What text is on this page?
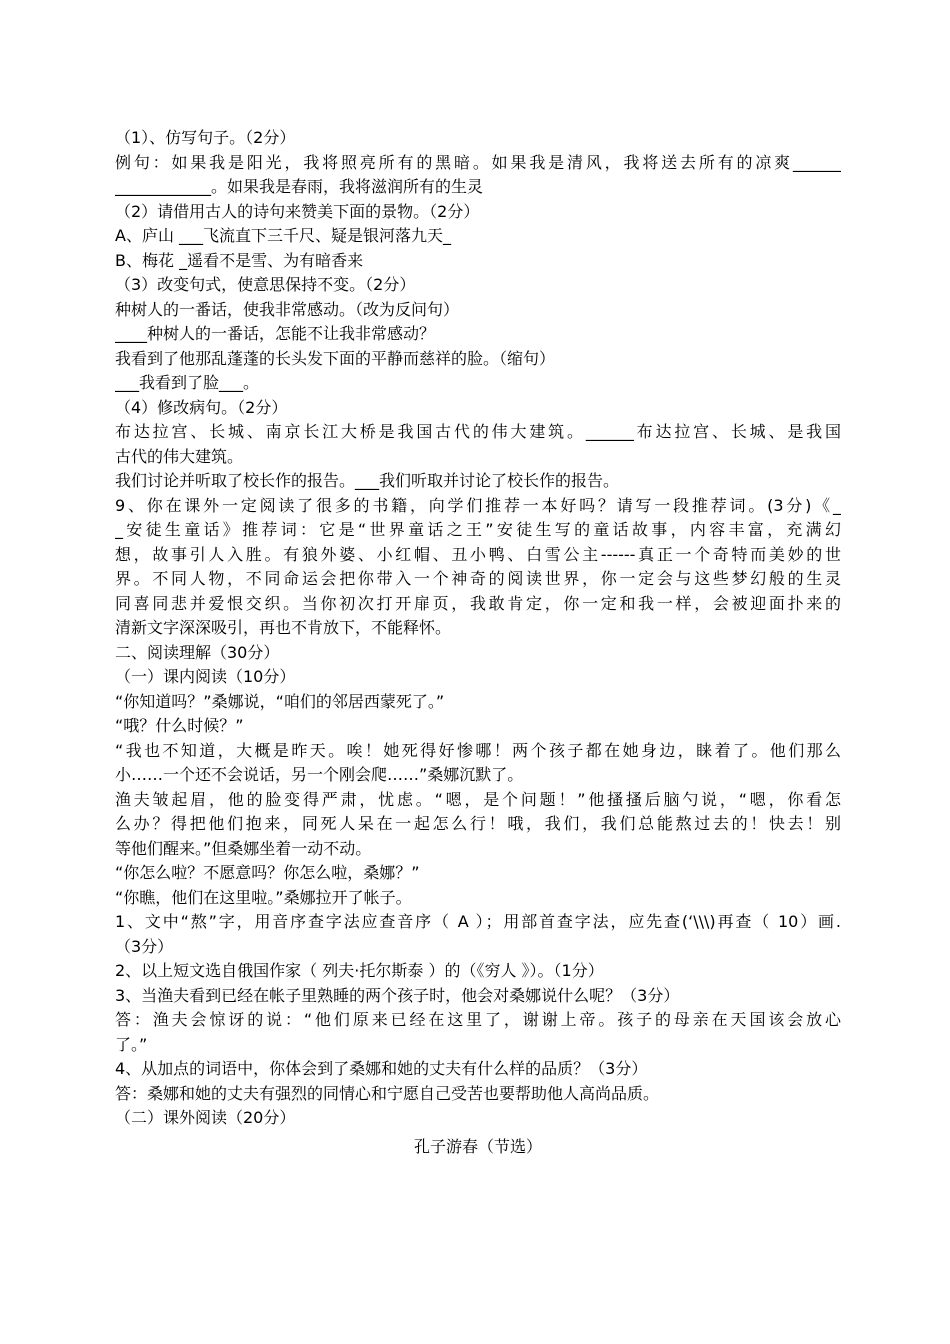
（1）、仿写句子。（2分）
例句：如果我是阳光，我将照亮所有的黑暗。如果我是清风，我将送去所有的凉爽______
____________。如果我是春雨，我将滋润所有的生灵
（2）请借用古人的诗句来赞美下面的景物。（2分）
A、庐山 ___飞流直下三千尺、疑是银河落九天_
B、梅花 _遥看不是雪、为有暗香来
（3）改变句式，使意思保持不变。（2分）
种树人的一番话，使我非常感动。（改为反问句）
____种树人的一番话，怎能不让我非常感动？
我看到了他那乱蓬蓬的长头发下面的平静而慈祥的脸。（缩句）
___我看到了脸___。
（4）修改病句。（2分）
布达拉宫、长城、南京长江大桥是我国古代的伟大建筑。______布达拉宫、长城、是我国
古代的伟大建筑。
我们讨论并听取了校长作的报告。___我们听取并讨论了校长作的报告。
9、你在课外一定阅读了很多的书籍，向学们推荐一本好吗？请写一段推荐词。(3分)《_
_安徒生童话》推荐词：它是“世界童话之王”安徒生写的童话故事，内容丰富，充满幻
想，故事引人入胜。有狼外婆、小红帽、丑小鸭、白雪公主------真正一个奇特而美妙的世
界。不同人物，不同命运会把你带入一个神奇的阅读世界，你一定会与这些梦幻般的生灵
同喜同悲并爱恨交织。当你初次打开扉页，我敢肯定，你一定和我一样，会被迎面扑来的
清新文字深深吸引，再也不肯放下，不能释怀。
二、阅读理解（30分）
（一）课内阅读（10分）
“你知道吗？”桑娜说，“咱们的邻居西蒙死了。”
“哦？什么时候？”
“我也不知道，大概是昨天。唉！她死得好惨哪！两个孩子都在她身边，睐着了。他们那么
小……一个还不会说话，另一个刚会爬……”桑娜沉默了。
渔夫皱起眉，他的脸变得严肃，忧虑。“嗯，是个问题！”他搔搔后脑勺说，“嗯，你看怎
么办？得把他们抱来，同死人呆在一起怎么行！哦，我们，我们总能熬过去的！快去！别
等他们醒来。”但桑娜坐着一动不动。
“你怎么啦？不愿意吗？你怎么啦，桑娜？”
“你瞧，他们在这里啦。”桑娜拉开了帐子。
1、文中“熬”字，用音序查字法应查音序（ A ）；用部首查字法，应先查(‘\\\)再查（ 10）画.
（3分）
2、以上短文选自俄国作家（ 列夫·托尔斯泰 ）的（《穷人 》）。（1分）
3、当渔夫看到已经在帐子里熟睡的两个孩子时，他会对桑娜说什么呢？（3分）
答：渔夫会惊讶的说：“他们原来已经在这里了，谢谢上帝。孩子的母亲在天国该会放心
了。”
4、从加点的词语中，你体会到了桑娜和她的丈夫有什么样的品质？（3分）
答：桑娜和她的丈夫有强烈的同情心和宁愿自己受苦也要帮助他人高尚品质。
（二）课外阅读（20分）
孔子游春（节选）
